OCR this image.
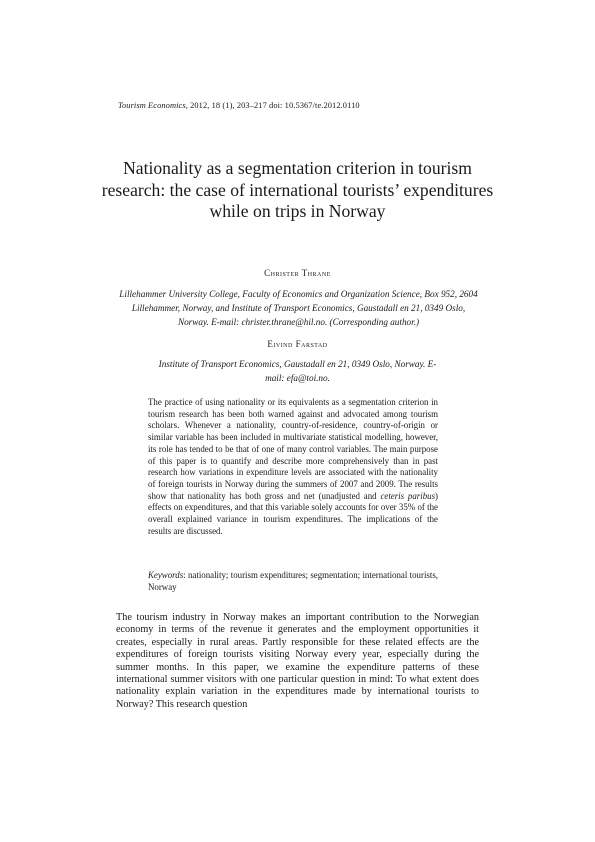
Tourism Economics, 2012, 18 (1), 203–217 doi: 10.5367/te.2012.0110
Nationality as a segmentation criterion in tourism research: the case of international tourists’ expenditures while on trips in Norway
Christer Thrane
Lillehammer University College, Faculty of Economics and Organization Science, Box 952, 2604 Lillehammer, Norway, and Institute of Transport Economics, Gaustadall en 21, 0349 Oslo, Norway. E-mail: christer.thrane@hil.no. (Corresponding author.)
Eivind Farstad
Institute of Transport Economics, Gaustadall en 21, 0349 Oslo, Norway. E-mail: efa@toi.no.

The practice of using nationality or its equivalents as a segmentation criterion in tourism research has been both warned against and advocated among tourism scholars. Whenever a nationality, country-of-residence, country-of-origin or similar variable has been included in multivariate statistical modelling, however, its role has tended to be that of one of many control variables. The main purpose of this paper is to quantify and describe more comprehensively than in past research how variations in expenditure levels are associated with the nationality of foreign tourists in Norway during the summers of 2007 and 2009. The results show that nationality has both gross and net (unadjusted and ceteris paribus) effects on expenditures, and that this variable solely accounts for over 35% of the overall explained variance in tourism expenditures. The implications of the results are discussed.

Keywords: nationality; tourism expenditures; segmentation; international tourists, Norway

The tourism industry in Norway makes an important contribution to the Norwegian economy in terms of the revenue it generates and the employment opportunities it creates, especially in rural areas. Partly responsible for these related effects are the expenditures of foreign tourists visiting Norway every year, especially during the summer months. In this paper, we examine the expenditure patterns of these international summer visitors with one particular question in mind: To what extent does nationality explain variation in the expenditures made by international tourists to Norway? This research question
